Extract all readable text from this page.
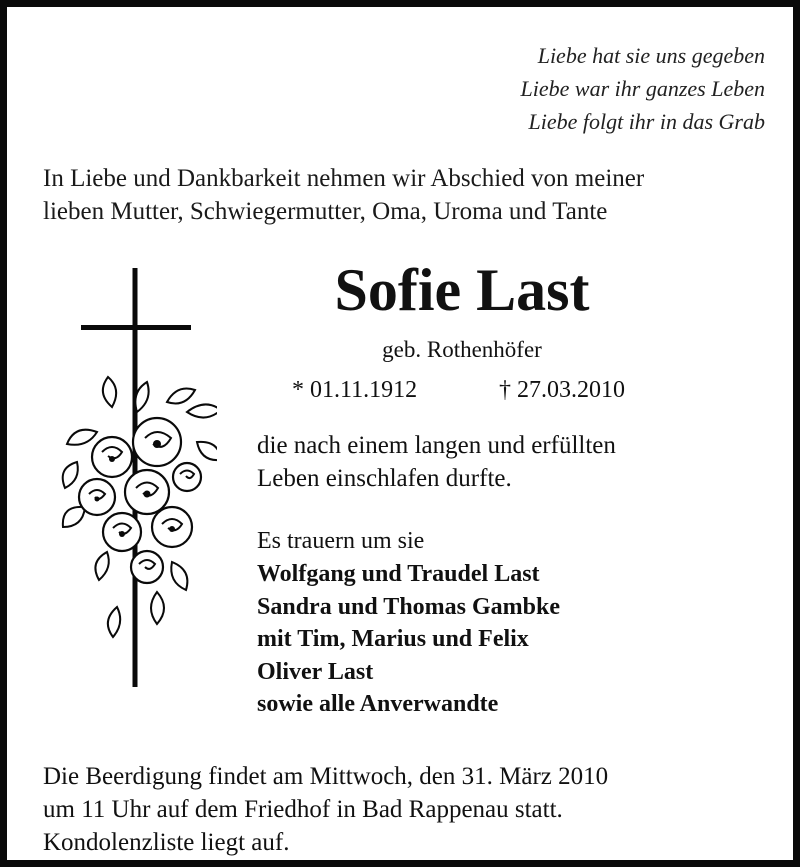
Liebe hat sie uns gegeben
Liebe war ihr ganzes Leben
Liebe folgt ihr in das Grab
In Liebe und Dankbarkeit nehmen wir Abschied von meiner
lieben Mutter, Schwiegermutter, Oma, Uroma und Tante
Sofie Last
geb. Rothenhöfer
* 01.11.1912	† 27.03.2010
die nach einem langen und erfüllten
Leben einschlafen durfte.
Es trauern um sie
Wolfgang und Traudel Last
Sandra und Thomas Gambke
mit Tim, Marius und Felix
Oliver Last
sowie alle Anverwandte
Die Beerdigung findet am Mittwoch, den 31. März 2010
um 11 Uhr auf dem Friedhof in Bad Rappenau statt.
Kondolenzliste liegt auf.
